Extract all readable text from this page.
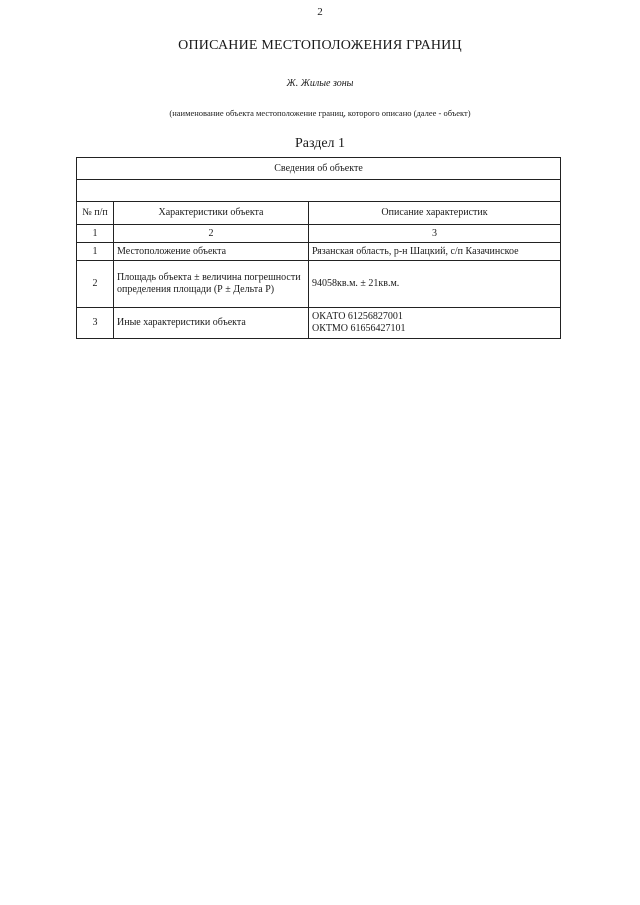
2
ОПИСАНИЕ МЕСТОПОЛОЖЕНИЯ ГРАНИЦ
Ж. Жилые зоны
(наименование объекта местоположение границ, которого описано (далее - объект)
Раздел 1
Сведения об объекте		

№ п/п	Характеристики объекта	Описание характеристик
1	2	3
1	Местоположение объекта	Рязанская область, р-н Шацкий, с/п Казачинское
2	Площадь объекта ± величина погрешности определения площади (Р ± Дельта Р)	94058кв.м. ± 21кв.м.
3	Иные характеристики объекта	ОКАТО 61256827001
ОКТМО 61656427101
